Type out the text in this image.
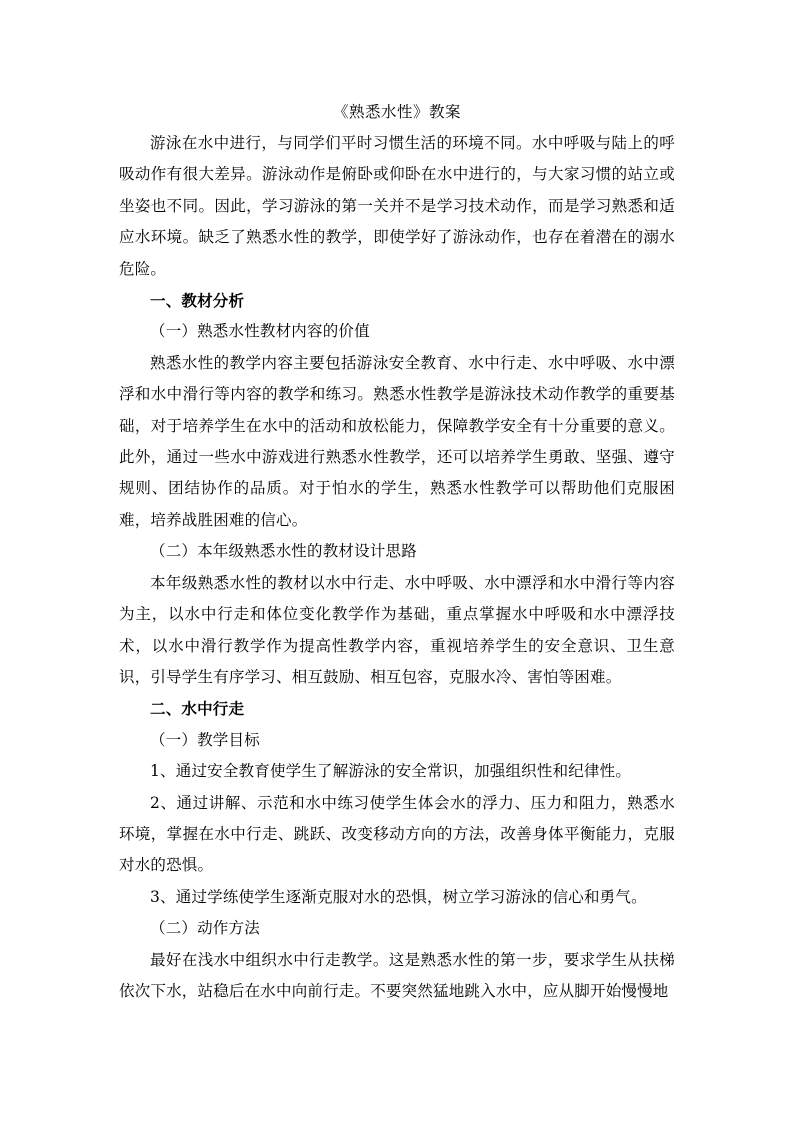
《熟悉水性》教案

游泳在水中进行，与同学们平时习惯生活的环境不同。水中呼吸与陆上的呼吸动作有很大差异。游泳动作是俯卧或仰卧在水中进行的，与大家习惯的站立或坐姿也不同。因此，学习游泳的第一关并不是学习技术动作，而是学习熟悉和适应水环境。缺乏了熟悉水性的教学，即使学好了游泳动作，也存在着潜在的溺水危险。

一、教材分析

（一）熟悉水性教材内容的价值

熟悉水性的教学内容主要包括游泳安全教育、水中行走、水中呼吸、水中漂浮和水中滑行等内容的教学和练习。熟悉水性教学是游泳技术动作教学的重要基础，对于培养学生在水中的活动和放松能力，保障教学安全有十分重要的意义。此外，通过一些水中游戏进行熟悉水性教学，还可以培养学生勇敢、坚强、遵守规则、团结协作的品质。对于怕水的学生，熟悉水性教学可以帮助他们克服困难，培养战胜困难的信心。

（二）本年级熟悉水性的教材设计思路

本年级熟悉水性的教材以水中行走、水中呼吸、水中漂浮和水中滑行等内容为主，以水中行走和体位变化教学作为基础，重点掌握水中呼吸和水中漂浮技术，以水中滑行教学作为提高性教学内容，重视培养学生的安全意识、卫生意识，引导学生有序学习、相互鼓励、相互包容，克服水冷、害怕等困难。

二、水中行走

（一）教学目标

1、通过安全教育使学生了解游泳的安全常识，加强组织性和纪律性。

2、通过讲解、示范和水中练习使学生体会水的浮力、压力和阻力，熟悉水环境，掌握在水中行走、跳跃、改变移动方向的方法，改善身体平衡能力，克服对水的恐惧。

3、通过学练使学生逐渐克服对水的恐惧，树立学习游泳的信心和勇气。

（二）动作方法

最好在浅水中组织水中行走教学。这是熟悉水性的第一步，要求学生从扶梯依次下水，站稳后在水中向前行走。不要突然猛地跳入水中，应从脚开始慢慢地
